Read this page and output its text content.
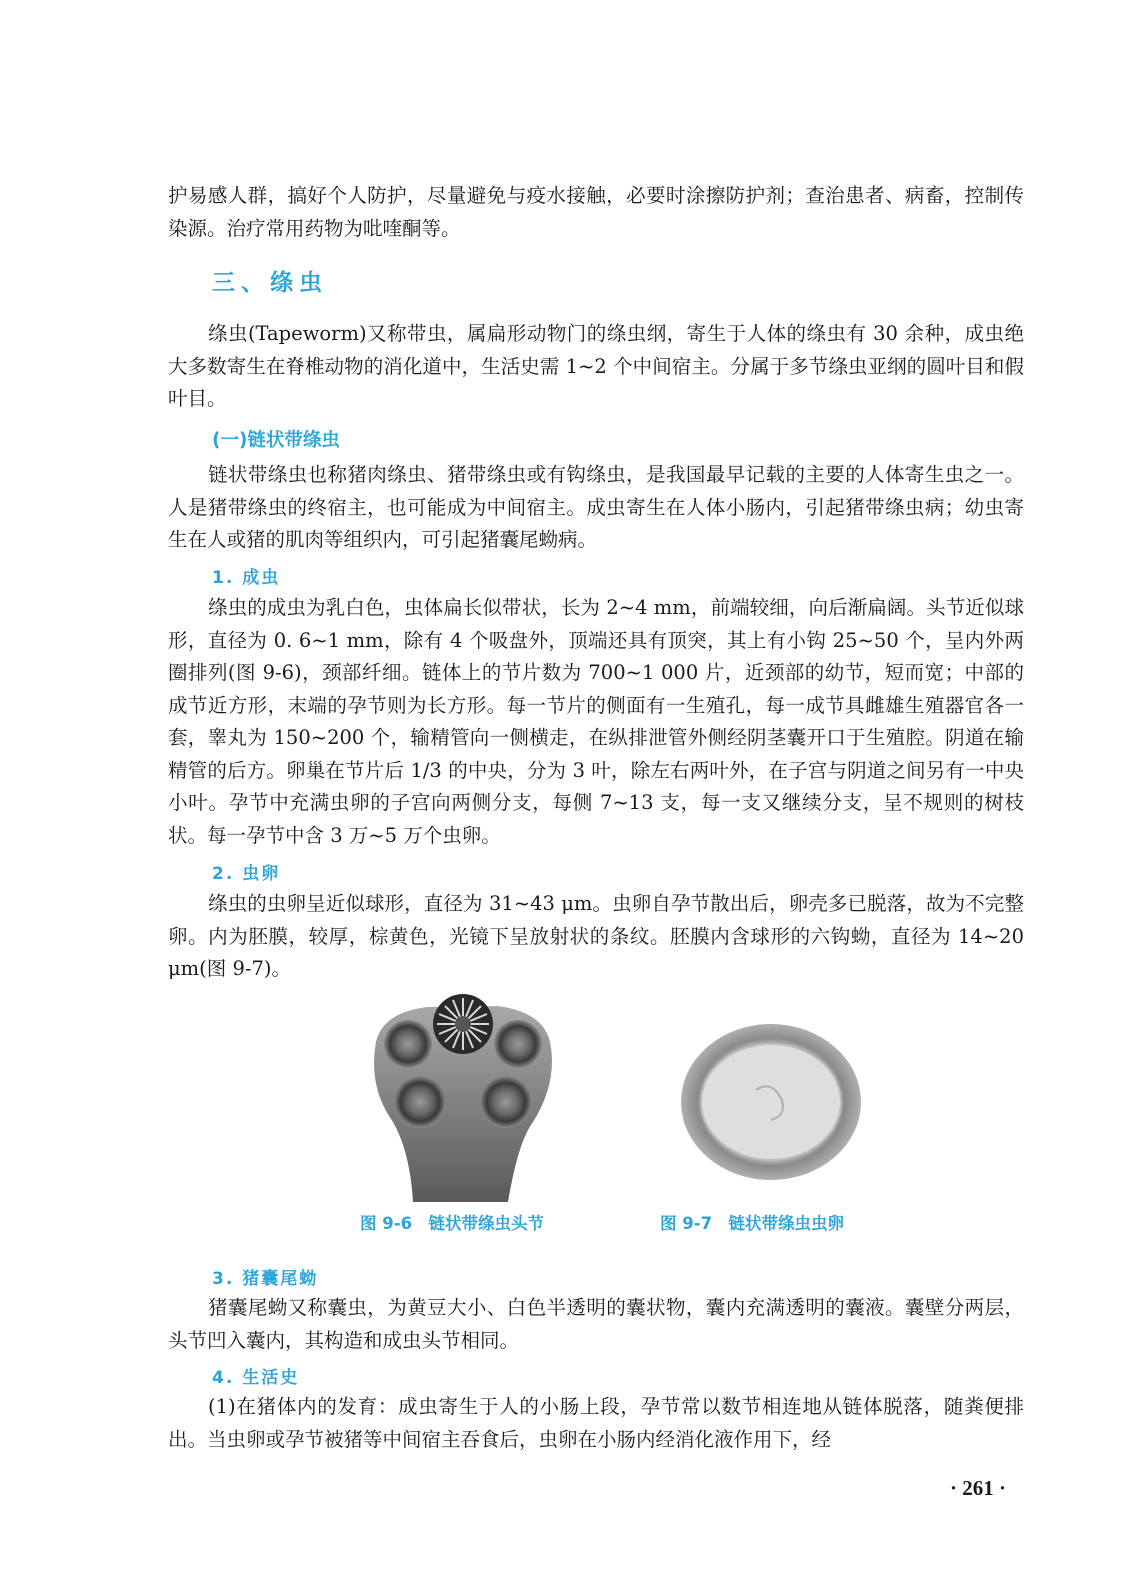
护易感人群，搞好个人防护，尽量避免与疫水接触，必要时涂擦防护剂；查治患者、病畜，控制传染源。治疗常用药物为吡喹酮等。

三、绦虫

绦虫(Tapeworm)又称带虫，属扁形动物门的绦虫纲，寄生于人体的绦虫有 30 余种，成虫绝大多数寄生在脊椎动物的消化道中，生活史需 1~2 个中间宿主。分属于多节绦虫亚纲的圆叶目和假叶目。

(一)链状带绦虫

链状带绦虫也称猪肉绦虫、猪带绦虫或有钩绦虫，是我国最早记载的主要的人体寄生虫之一。人是猪带绦虫的终宿主，也可能成为中间宿主。成虫寄生在人体小肠内，引起猪带绦虫病；幼虫寄生在人或猪的肌肉等组织内，可引起猪囊尾蚴病。

1. 成虫

绦虫的成虫为乳白色，虫体扁长似带状，长为 2~4 mm，前端较细，向后渐扁阔。头节近似球形，直径为 0. 6~1 mm，除有 4 个吸盘外，顶端还具有顶突，其上有小钩 25~50 个，呈内外两圈排列(图 9-6)，颈部纤细。链体上的节片数为 700~1 000 片，近颈部的幼节，短而宽；中部的成节近方形，末端的孕节则为长方形。每一节片的侧面有一生殖孔，每一成节具雌雄生殖器官各一套，睾丸为 150~200 个，输精管向一侧横走，在纵排泄管外侧经阴茎囊开口于生殖腔。阴道在输精管的后方。卵巢在节片后 1/3 的中央，分为 3 叶，除左右两叶外，在子宫与阴道之间另有一中央小叶。孕节中充满虫卵的子宫向两侧分支，每侧 7~13 支，每一支又继续分支，呈不规则的树枝状。每一孕节中含 3 万~5 万个虫卵。

2. 虫卵

绦虫的虫卵呈近似球形，直径为 31~43 μm。虫卵自孕节散出后，卵壳多已脱落，故为不完整卵。内为胚膜，较厚，棕黄色，光镜下呈放射状的条纹。胚膜内含球形的六钩蚴，直径为 14~20 μm(图 9-7)。

图 9-6　链状带绦虫头节	图 9-7　链状带绦虫虫卵

3. 猪囊尾蚴

猪囊尾蚴又称囊虫，为黄豆大小、白色半透明的囊状物，囊内充满透明的囊液。囊壁分两层，头节凹入囊内，其构造和成虫头节相同。

4. 生活史

(1)在猪体内的发育：成虫寄生于人的小肠上段，孕节常以数节相连地从链体脱落，随粪便排出。当虫卵或孕节被猪等中间宿主吞食后，虫卵在小肠内经消化液作用下，经

· 261 ·
